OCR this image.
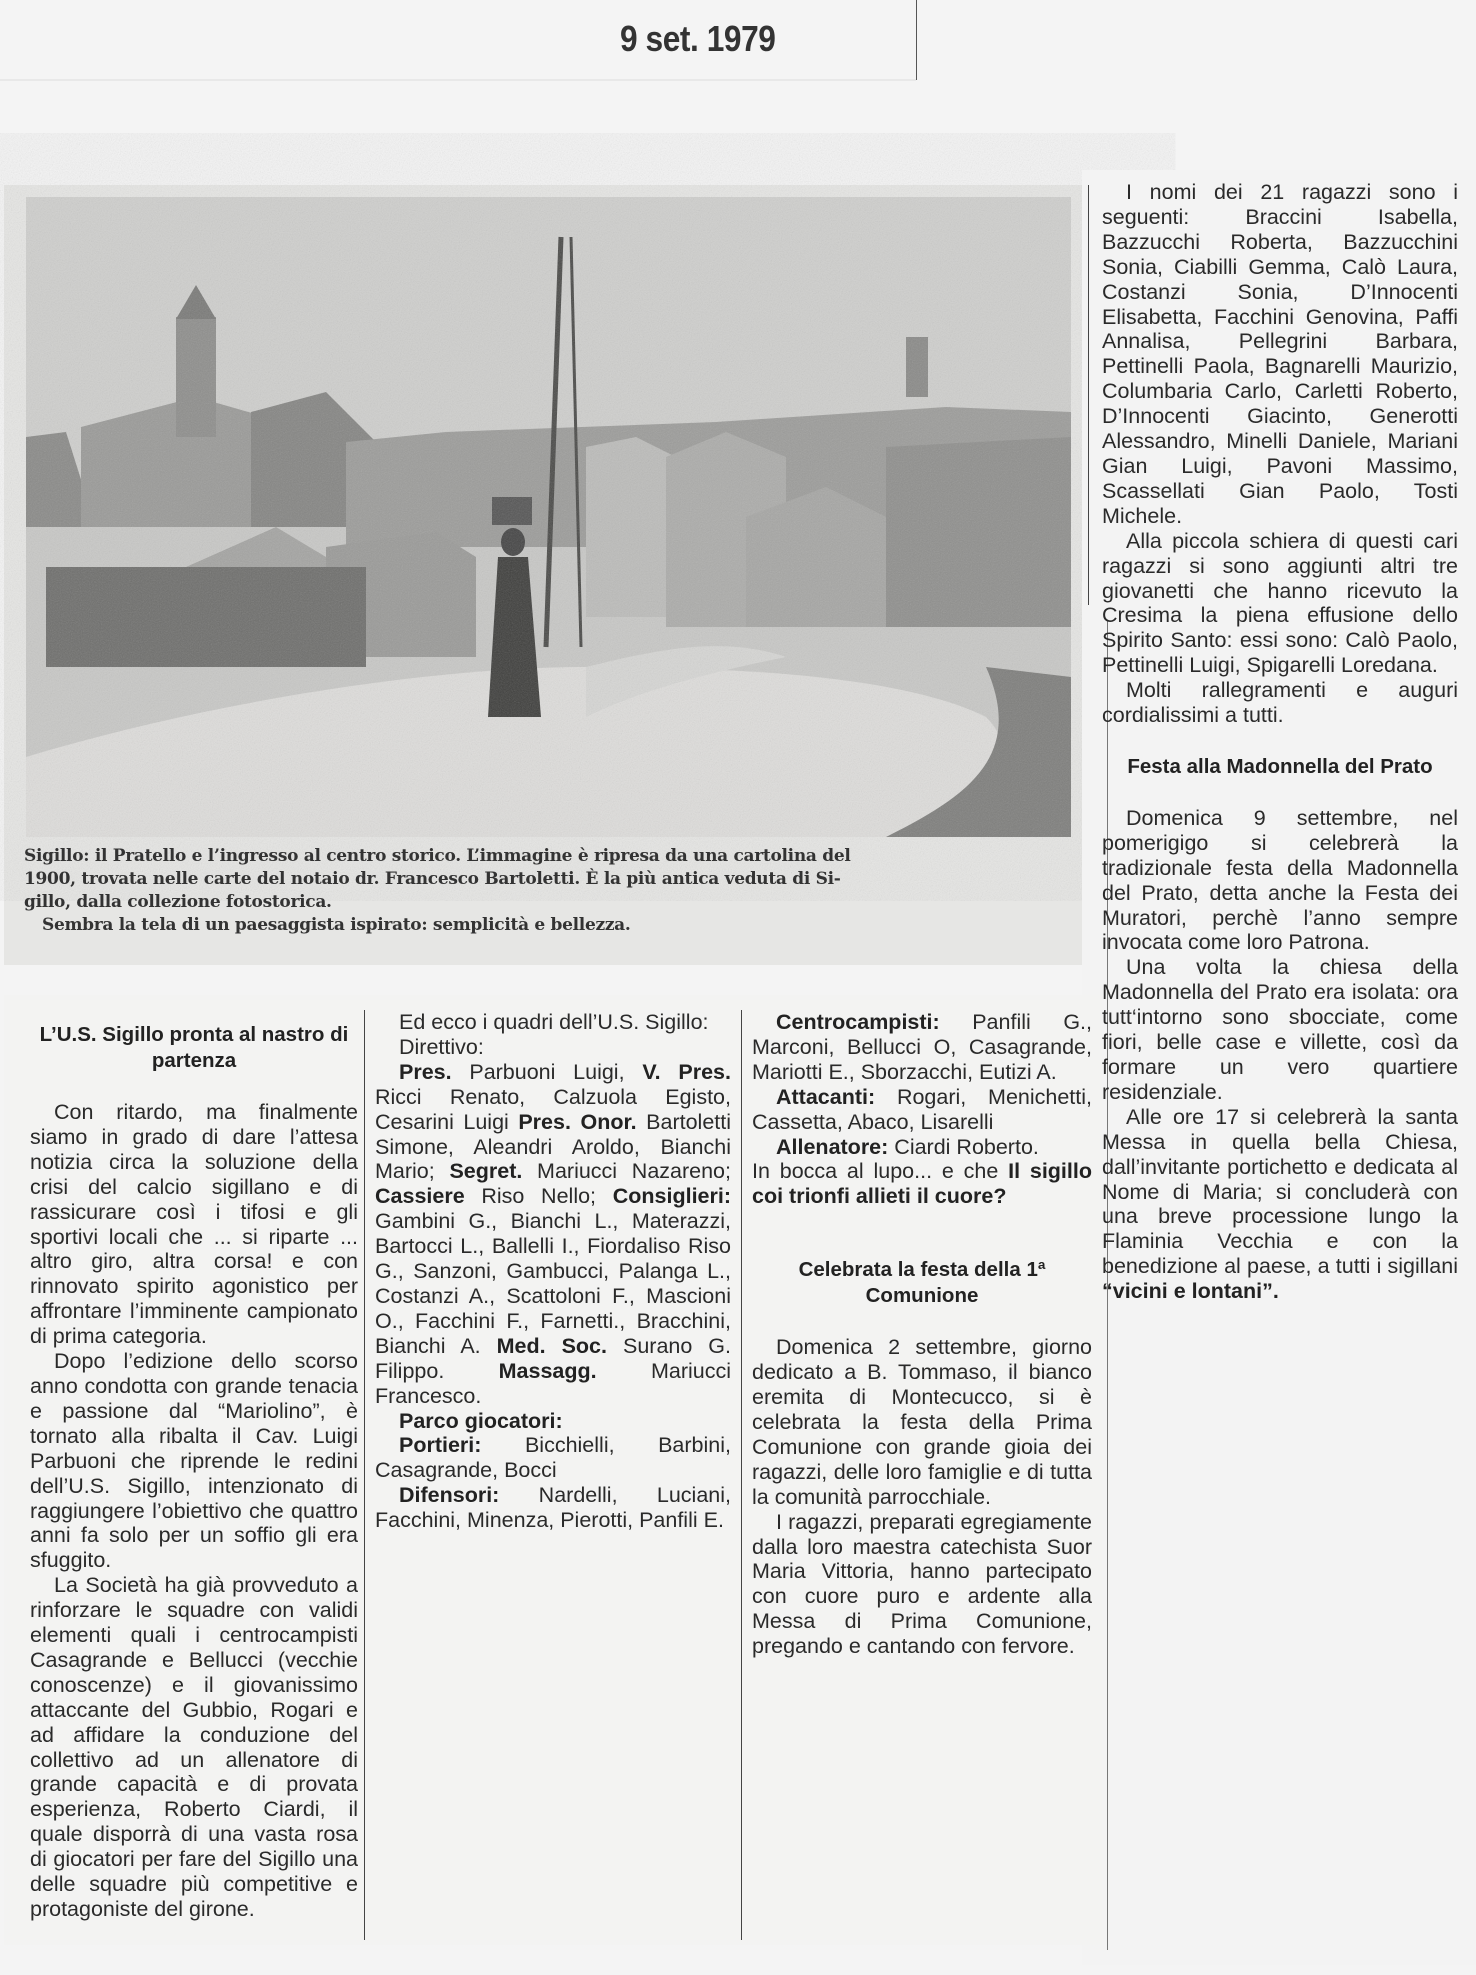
9 set. 1979

Sigillo: il Pratello e l’ingresso al centro storico. L’immagine è ripresa da una cartolina del

1900, trovata nelle carte del notaio dr. Francesco Bartoletti. È la più antica veduta di Si-

gillo, dalla collezione fotostorica.

Sembra la tela di un paesaggista ispirato: semplicità e bellezza.

I nomi dei 21 ragazzi sono i seguenti: Braccini Isabella, Bazzucchi Roberta, Bazzucchini Sonia, Ciabilli Gemma, Calò Laura, Costanzi Sonia, D’Innocenti Elisabetta, Facchini Genovina, Paffi Annalisa, Pellegrini Barbara, Pettinelli Paola, Bagnarelli Maurizio, Columbaria Carlo, Carletti Roberto, D’Innocenti Giacinto, Generotti Alessandro, Minelli Daniele, Mariani Gian Luigi, Pavoni Massimo, Scassellati Gian Paolo, Tosti Michele.

Alla piccola schiera di questi cari ragazzi si sono aggiunti altri tre giovanetti che hanno ricevuto la Cresima la piena effusione dello Spirito Santo: essi sono: Calò Paolo, Pettinelli Luigi, Spigarelli Loredana.

Molti rallegramenti e auguri cordialissimi a tutti.

Festa alla Madonnella del Prato

Domenica 9 settembre, nel pomerigigo si celebrerà la tradizionale festa della Madonnella del Prato, detta anche la Festa dei Muratori, perchè l’anno sempre invocata come loro Patrona.

Una volta la chiesa della Madonnella del Prato era isolata: ora tutt‘intorno sono sbocciate, come fiori, belle case e villette, così da formare un vero quartiere residenziale.

Alle ore 17 si celebrerà la santa Messa in quella bella Chiesa, dall’invitante portichetto e dedicata al Nome di Maria; si concluderà con una breve processione lungo la Flaminia Vecchia e con la benedizione al paese, a tutti i sigillani “vicini e lontani”.

L’U.S. Sigillo pronta al nastro di partenza

Con ritardo, ma finalmente siamo in grado di dare l’attesa notizia circa la soluzione della crisi del calcio sigillano e di rassicurare così i tifosi e gli sportivi locali che ... si riparte ... altro giro, altra corsa! e con rinnovato spirito agonistico per affrontare l’imminente campionato di prima categoria.

Dopo l’edizione dello scorso anno condotta con grande tenacia e passione dal “Mariolino”, è tornato alla ribalta il Cav. Luigi Parbuoni che riprende le redini dell’U.S. Sigillo, intenzionato di raggiungere l’obiettivo che quattro anni fa solo per un soffio gli era sfuggito.

La Società ha già provveduto a rinforzare le squadre con validi elementi quali i centrocampisti Casagrande e Bellucci (vecchie conoscenze) e il giovanissimo attaccante del Gubbio, Rogari e ad affidare la conduzione del collettivo ad un allenatore di grande capacità e di provata esperienza, Roberto Ciardi, il quale disporrà di una vasta rosa di giocatori per fare del Sigillo una delle squadre più competitive e protagoniste del girone.

Ed ecco i quadri dell’U.S. Sigillo:

Direttivo:

Pres. Parbuoni Luigi, V. Pres. Ricci Renato, Calzuola Egisto, Cesarini Luigi Pres. Onor. Bartoletti Simone, Aleandri Aroldo, Bianchi Mario; Segret. Mariucci Nazareno; Cassiere Riso Nello; Consiglieri: Gambini G., Bianchi L., Materazzi, Bartocci L., Ballelli I., Fiordaliso Riso G., Sanzoni, Gambucci, Palanga L., Costanzi A., Scattoloni F., Mascioni O., Facchini F., Farnetti., Bracchini, Bianchi A. Med. Soc. Surano G. Filippo. Massagg. Mariucci Francesco.

Parco giocatori:

Portieri: Bicchielli, Barbini, Casagrande, Bocci

Difensori: Nardelli, Luciani, Facchini, Minenza, Pierotti, Panfili E.

Centrocampisti: Panfili G., Marconi, Bellucci O, Casagrande, Mariotti E., Sborzacchi, Eutizi A.

Attacanti: Rogari, Menichetti, Cassetta, Abaco, Lisarelli

Allenatore: Ciardi Roberto.

In bocca al lupo... e che Il sigillo coi trionfi allieti il cuore?

Celebrata la festa della 1ª Comunione

Domenica 2 settembre, giorno dedicato a B. Tommaso, il bianco eremita di Montecucco, si è celebrata la festa della Prima Comunione con grande gioia dei ragazzi, delle loro famiglie e di tutta la comunità parrocchiale.

I ragazzi, preparati egregiamente dalla loro maestra catechista Suor Maria Vittoria, hanno partecipato con cuore puro e ardente alla Messa di Prima Comunione, pregando e cantando con fervore.
